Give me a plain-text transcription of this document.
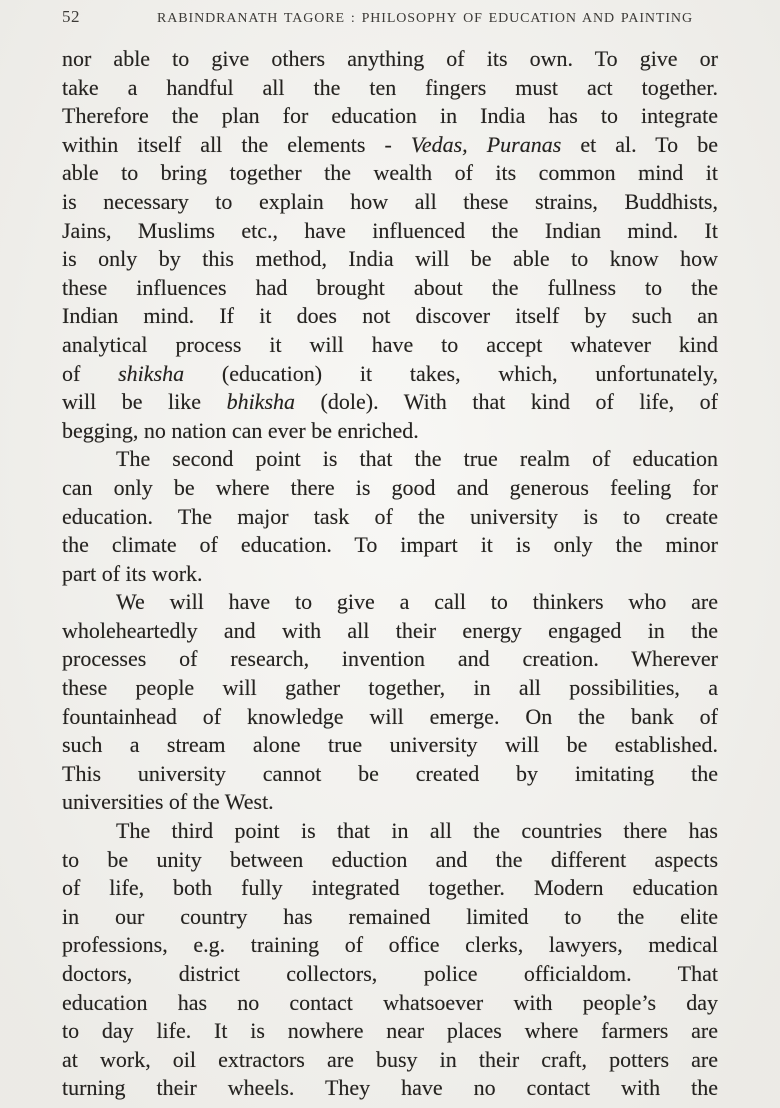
52	RABINDRANATH TAGORE : PHILOSOPHY OF EDUCATION AND PAINTING
nor able to give others anything of its own. To give or
take a handful all the ten fingers must act together.
Therefore the plan for education in India has to integrate
within itself all the elements - Vedas, Puranas et al. To be
able to bring together the wealth of its common mind it
is necessary to explain how all these strains, Buddhists,
Jains, Muslims etc., have influenced the Indian mind. It
is only by this method, India will be able to know how
these influences had brought about the fullness to the
Indian mind. If it does not discover itself by such an
analytical process it will have to accept whatever kind
of shiksha (education) it takes, which, unfortunately,
will be like bhiksha (dole). With that kind of life, of
begging, no nation can ever be enriched.
The second point is that the true realm of education
can only be where there is good and generous feeling for
education. The major task of the university is to create
the climate of education. To impart it is only the minor
part of its work.
We will have to give a call to thinkers who are
wholeheartedly and with all their energy engaged in the
processes of research, invention and creation. Wherever
these people will gather together, in all possibilities, a
fountainhead of knowledge will emerge. On the bank of
such a stream alone true university will be established.
This university cannot be created by imitating the
universities of the West.
The third point is that in all the countries there has
to be unity between eduction and the different aspects
of life, both fully integrated together. Modern education
in our country has remained limited to the elite
professions, e.g. training of office clerks, lawyers, medical
doctors, district collectors, police officialdom. That
education has no contact whatsoever with people’s day
to day life. It is nowhere near places where farmers are
at work, oil extractors are busy in their craft, potters are
turning their wheels. They have no contact with the
